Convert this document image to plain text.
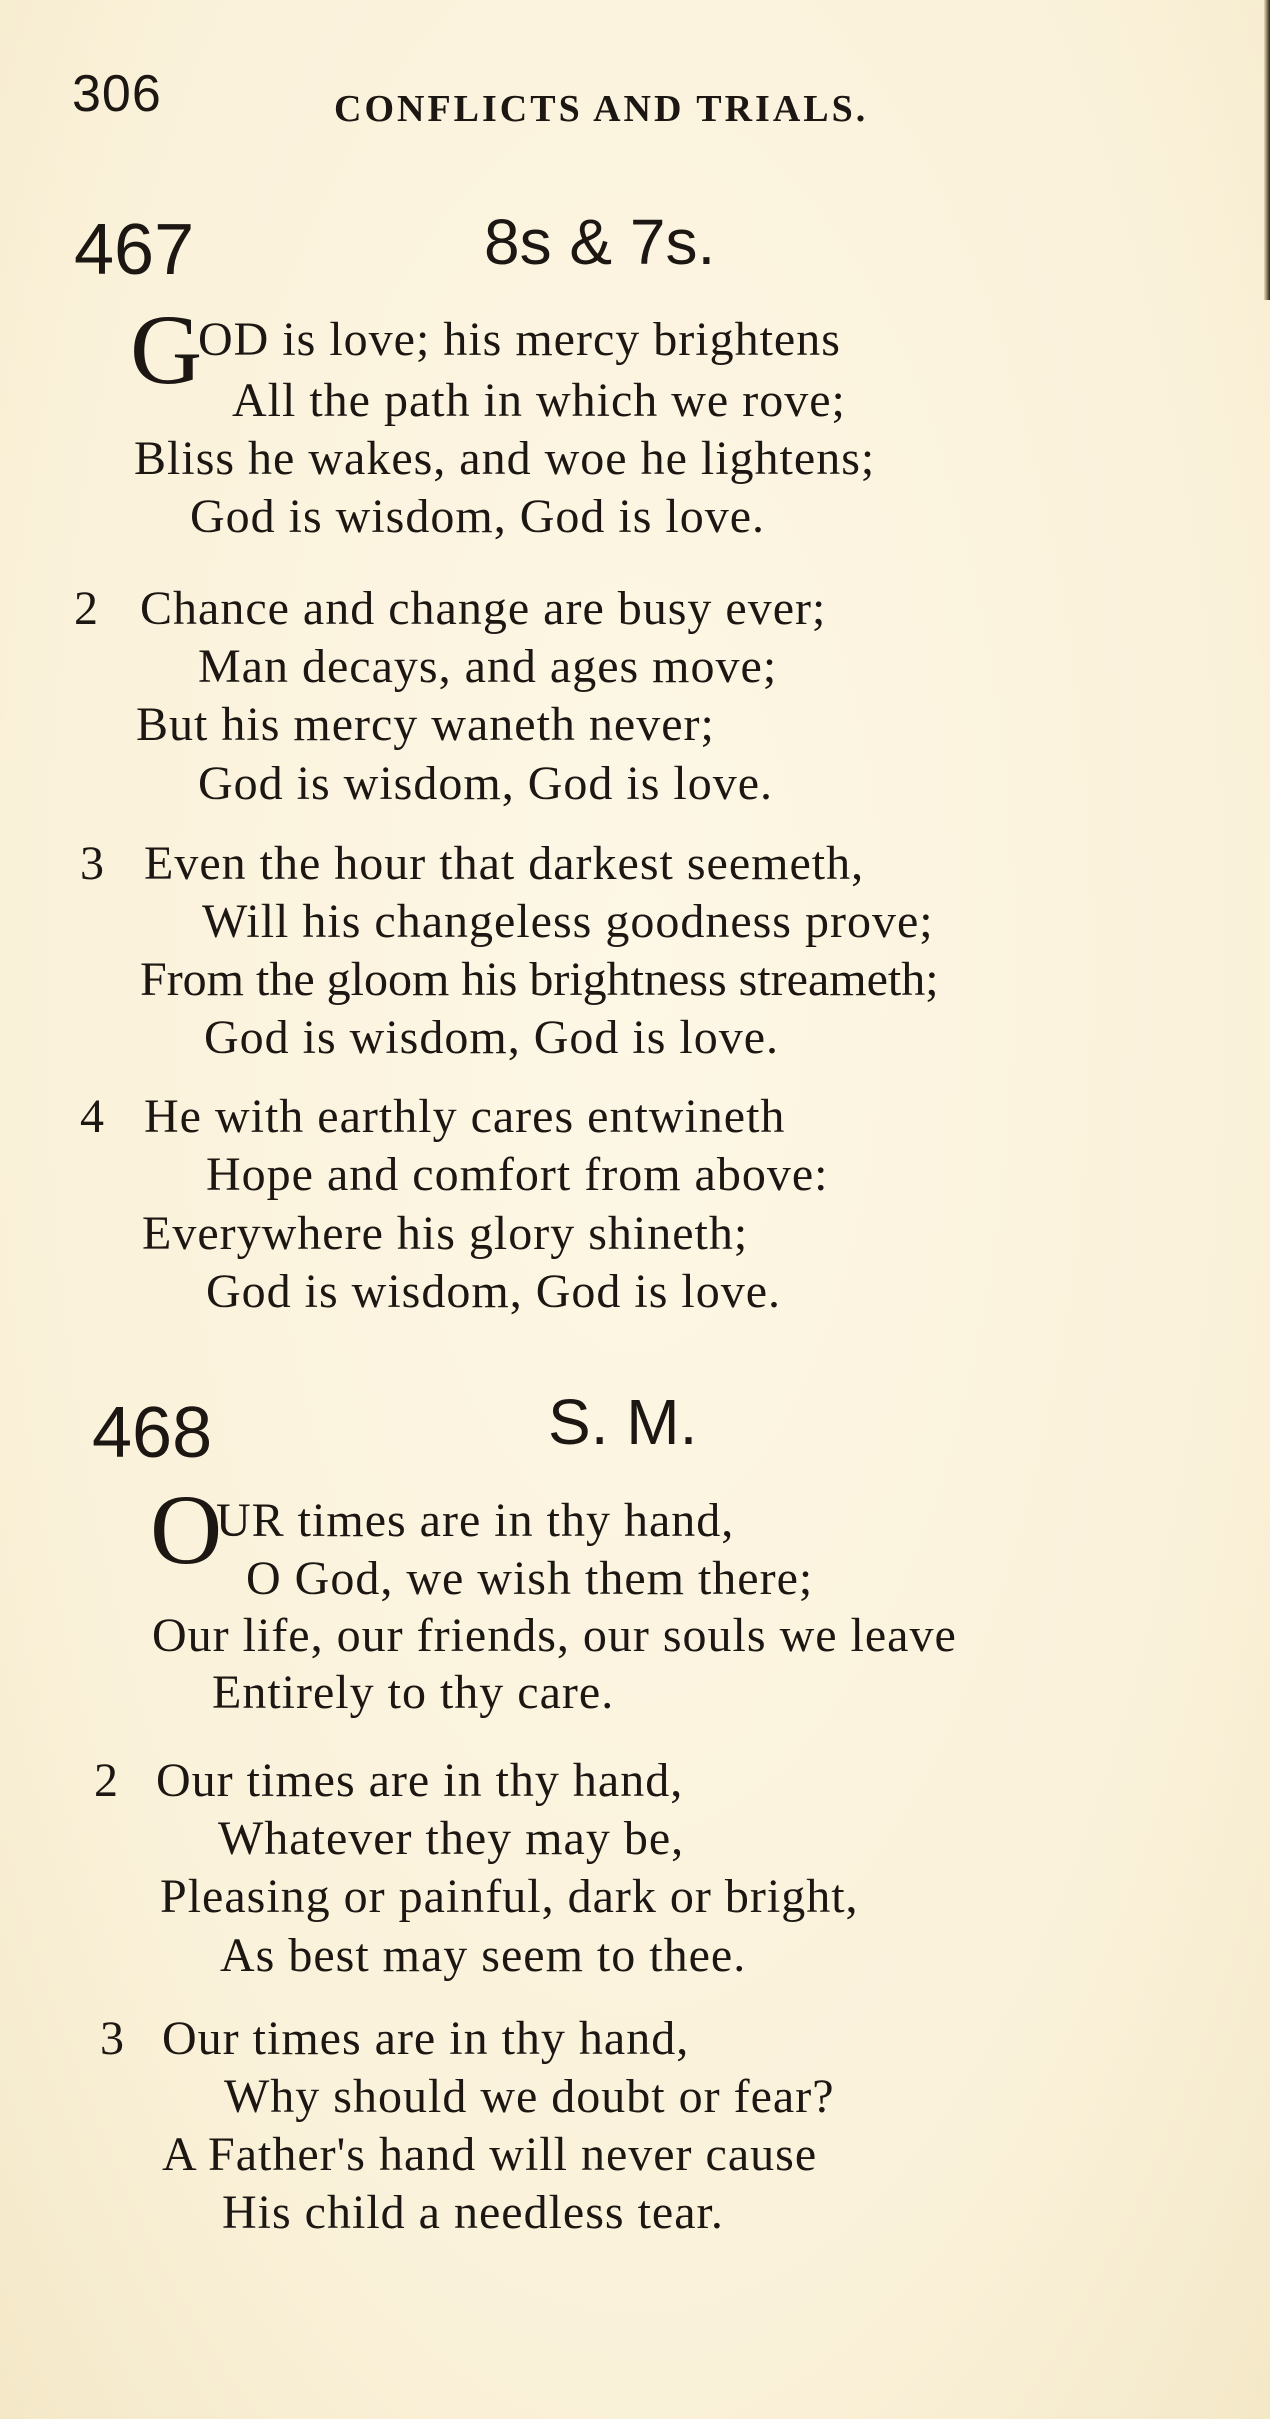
306	CONFLICTS AND TRIALS.
467	8s & 7s.
G
OD is love; his mercy brightens
All the path in which we rove;
Bliss he wakes, and woe he lightens;
God is wisdom, God is love.
2 Chance and change are busy ever;
Man decays, and ages move;
But his mercy waneth never;
God is wisdom, God is love.
3 Even the hour that darkest seemeth,
Will his changeless goodness prove;
From the gloom his brightness streameth;
God is wisdom, God is love.
4 He with earthly cares entwineth
Hope and comfort from above:
Everywhere his glory shineth;
God is wisdom, God is love.
468	S. M.
O
UR times are in thy hand,
O God, we wish them there;
Our life, our friends, our souls we leave
Entirely to thy care.
2 Our times are in thy hand,
Whatever they may be,
Pleasing or painful, dark or bright,
As best may seem to thee.
3 Our times are in thy hand,
Why should we doubt or fear?
A Father's hand will never cause
His child a needless tear.
